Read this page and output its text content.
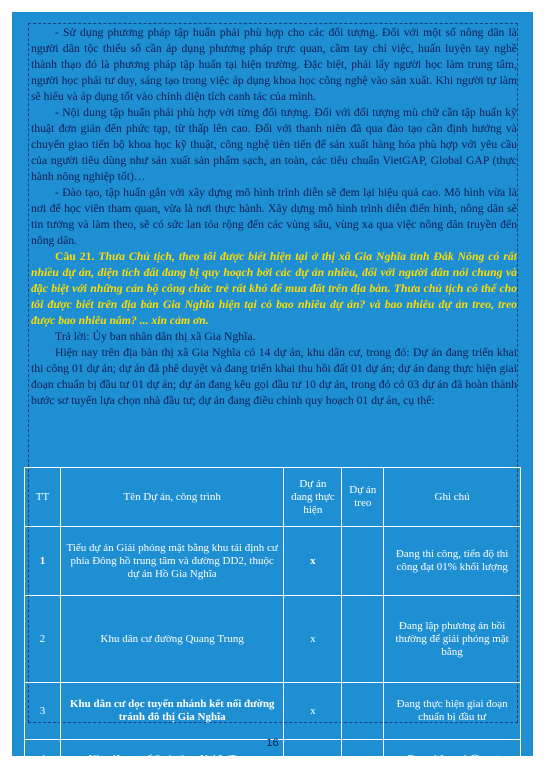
- Sử dụng phương pháp tập huấn phải phù hợp cho các đối tượng. Đối với một số nông dân là người dân tộc thiểu số cần áp dụng phương pháp trực quan, cầm tay chỉ việc, huấn luyện tay nghề thành thạo đó là phương pháp tập huấn tại hiện trường. Đặc biệt, phải lấy người học làm trung tâm, người học phải tư duy, sáng tạo trong việc áp dụng khoa học công nghệ vào sản xuất. Khi người tự làm sẽ hiểu và áp dụng tốt vào chính diện tích canh tác của mình.

- Nội dung tập huấn phải phù hợp với từng đối tượng. Đối với đối tượng mù chữ cần tập huấn kỹ thuật đơn giản đến phức tạp, từ thấp lên cao. Đối với thanh niên đã qua đào tạo cần định hướng và chuyển giao tiến bộ khoa học kỹ thuật, công nghệ tiên tiến để sản xuất hàng hóa phù hợp với yêu cầu của người tiêu dùng như sản xuất sản phẩm sạch, an toàn, các tiêu chuẩn VietGAP, Global GAP (thực hành nông nghiệp tốt)…

- Đào tạo, tập huấn gắn với xây dựng mô hình trình diễn sẽ đem lại hiệu quả cao. Mô hình vừa là nơi để học viên tham quan, vừa là nơi thực hành. Xây dựng mô hình trình diễn điển hình, nông dân sẽ tin tưởng và làm theo, sẽ có sức lan tỏa rộng đến các vùng sâu, vùng xa qua việc nông dân truyền đến nông dân.

Câu 21. Thưa Chủ tịch, theo tôi được biết hiện tại ở thị xã Gia Nghĩa tỉnh Đắk Nông có rất nhiều dự án, diện tích đất đang bị quy hoạch bởi các dự án nhiều, đối với người dân nói chung và đặc biệt với những cán bộ công chức trẻ rất khó để mua đất trên địa bàn. Thưa chủ tịch có thể cho tôi được biết trên địa bàn Gia Nghĩa hiện tại có bao nhiêu dự án? và bao nhiêu dự án treo, treo được bao nhiêu năm? ... xin cảm ơn.

Trả lời: Ủy ban nhân dân thị xã Gia Nghĩa.

Hiện nay trên địa bàn thị xã Gia Nghĩa có 14 dự án, khu dân cư, trong đó: Dự án đang triển khai thi công 01 dự án; dự án đã phê duyệt và đang triển khai thu hồi đất 01 dự án; dự án đang thực hiện giai đoạn chuẩn bị đầu tư 01 dự án; dự án đang kêu gọi đầu tư 10 dự án, trong đó có 03 dự án đã hoàn thành bước sơ tuyển lựa chọn nhà đầu tư; dự án đang điều chỉnh quy hoạch 01 dự án, cụ thể:

TT	Tên Dự án, công trình	Dự án đang thực hiện	Dự án treo	Ghi chú
1	Tiểu dự án Giải phóng mặt bằng khu tái định cư phía Đông hồ trung tâm và đường DD2, thuộc dự án Hồ Gia Nghĩa	x		Đang thi công, tiến độ thi công đạt 01% khối lượng
2	Khu dân cư đường Quang Trung	x		Đang lập phương án bồi thường để giải phóng mặt bằng
3	Khu dân cư dọc tuyến nhánh kết nối đường tránh đô thị Gia Nghĩa	x		Đang thực hiện giai đoạn chuẩn bị đầu tư
4	Khu dân cư số 2 phường Nghĩa Trung	x		Đang kêu gọi đầu tư
16
